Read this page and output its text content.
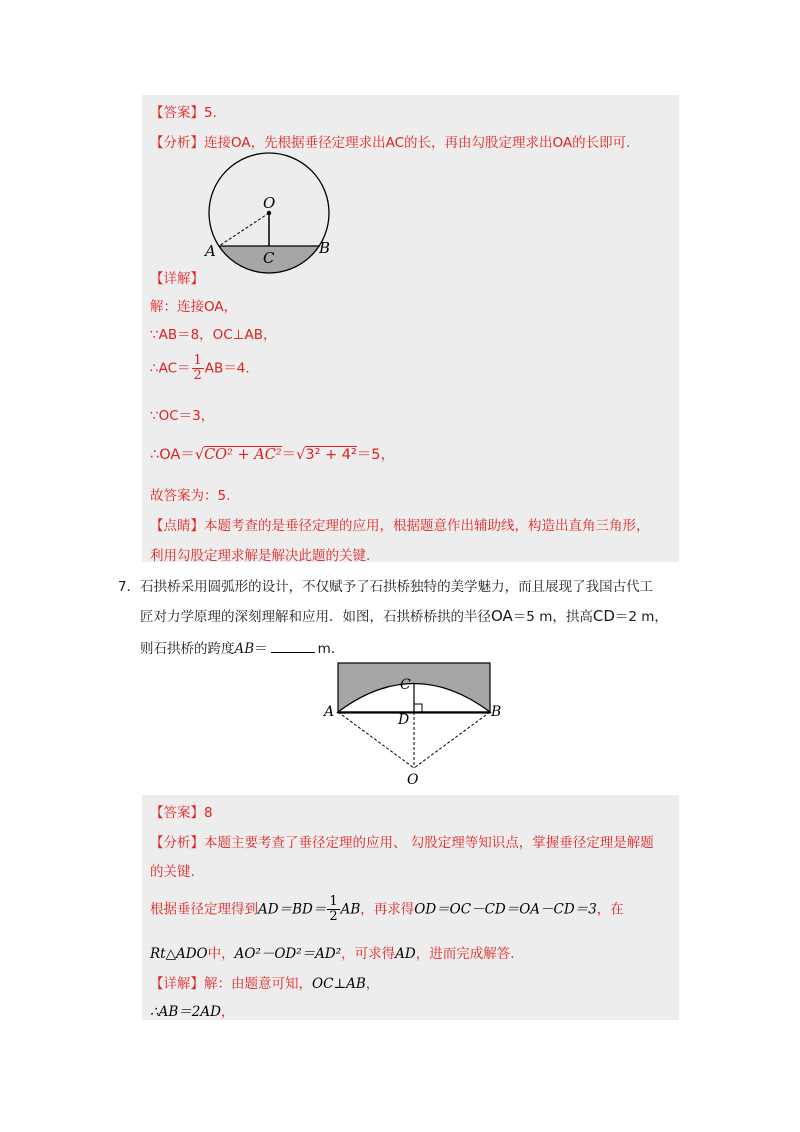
【答案】5.
【分析】连接OA，先根据垂径定理求出AC的长，再由勾股定理求出OA的长即可.
O
A	B
C
【详解】
解：连接OA，
∵AB＝8，OC⊥AB，
∴AC＝ $\frac{1}{2} AB=4$.
∵OC＝3，
∴OA＝√CO² + AC²＝√3² + 4²＝5，
故答案为：5.
【点睛】本题考查的是垂径定理的应用，根据题意作出辅助线，构造出直角三角形，
利用勾股定理求解是解决此题的关键.
7．石拱桥采用圆弧形的设计，不仅赋予了石拱桥独特的美学魅力，而且展现了我国古代工
匠对力学原理的深刻理解和应用．如图，石拱桥桥拱的半径OA＝5 m，拱高CD＝2 m，
则石拱桥的跨度AB＝	m．
A	B
C
D
O
【答案】8
【分析】本题主要考查了垂径定理的应用、 勾股定理等知识点，掌握垂径定理是解题
的关键.
根据垂径定理得到$AD=BD= \frac{1}{2}$ AB，再求得OD＝OC－CD＝OA－CD＝3，在
Rt△ADO中，AO²－OD²＝AD²，可求得AD，进而完成解答.
【详解】解：由题意可知，OC⊥AB，
∴AB＝2AD，
